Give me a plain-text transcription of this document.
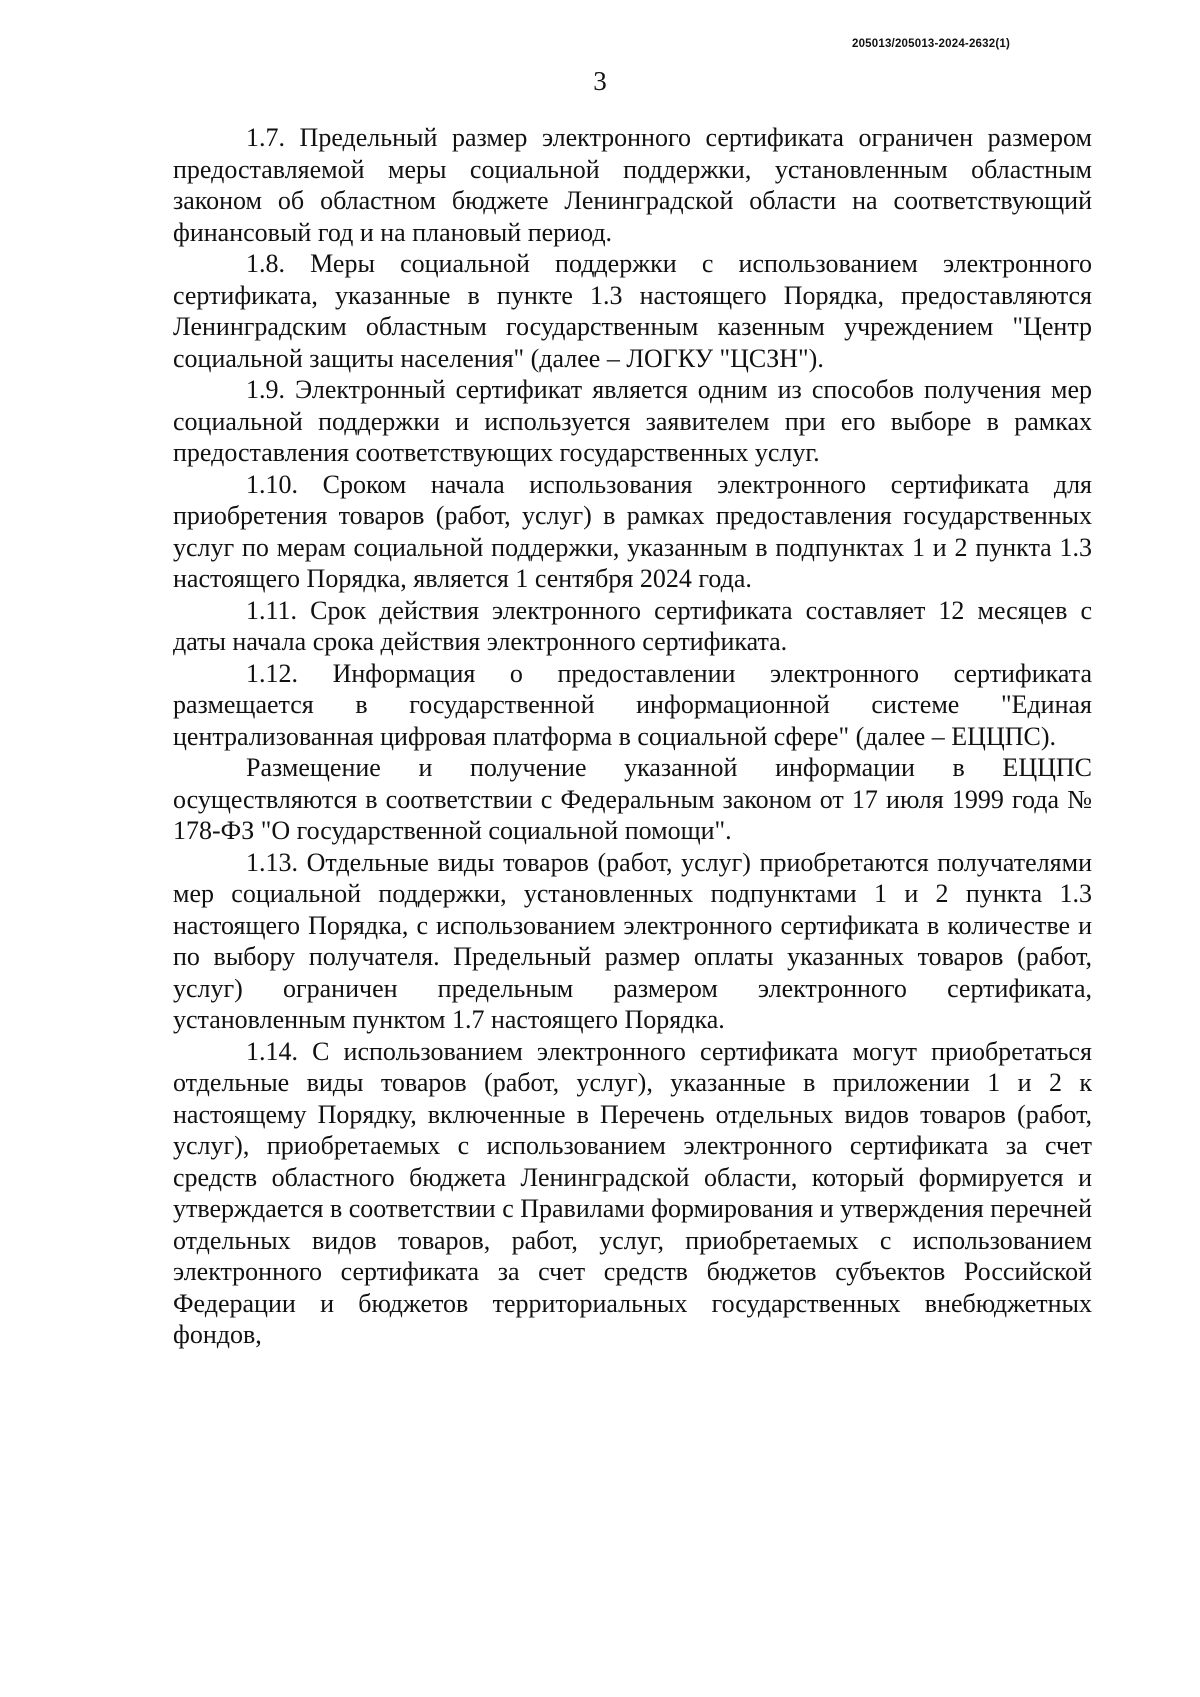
205013/205013-2024-2632(1)
3

1.7. Предельный размер электронного сертификата ограничен размером предоставляемой меры социальной поддержки, установленным областным законом об областном бюджете Ленинградской области на соответствующий финансовый год и на плановый период.

1.8. Меры социальной поддержки с использованием электронного сертификата, указанные в пункте 1.3 настоящего Порядка, предоставляются Ленинградским областным государственным казенным учреждением "Центр социальной защиты населения" (далее – ЛОГКУ "ЦСЗН").

1.9. Электронный сертификат является одним из способов получения мер социальной поддержки и используется заявителем при его выборе в рамках предоставления соответствующих государственных услуг.

1.10. Сроком начала использования электронного сертификата для приобретения товаров (работ, услуг) в рамках предоставления государственных услуг по мерам социальной поддержки, указанным в подпунктах 1 и 2 пункта 1.3 настоящего Порядка, является 1 сентября 2024 года.

1.11. Срок действия электронного сертификата составляет 12 месяцев с даты начала срока действия электронного сертификата.

1.12. Информация о предоставлении электронного сертификата размещается в государственной информационной системе "Единая централизованная цифровая платформа в социальной сфере" (далее – ЕЦЦПС).

Размещение и получение указанной информации в ЕЦЦПС осуществляются в соответствии с Федеральным законом от 17 июля 1999 года № 178-ФЗ "О государственной социальной помощи".

1.13. Отдельные виды товаров (работ, услуг) приобретаются получателями мер социальной поддержки, установленных подпунктами 1 и 2 пункта 1.3 настоящего Порядка, с использованием электронного сертификата в количестве и по выбору получателя. Предельный размер оплаты указанных товаров (работ, услуг) ограничен предельным размером электронного сертификата, установленным пунктом 1.7 настоящего Порядка.

1.14. С использованием электронного сертификата могут приобретаться отдельные виды товаров (работ, услуг), указанные в приложении 1 и 2 к настоящему Порядку, включенные в Перечень отдельных видов товаров (работ, услуг), приобретаемых с использованием электронного сертификата за счет средств областного бюджета Ленинградской области, который формируется и утверждается в соответствии с Правилами формирования и утверждения перечней отдельных видов товаров, работ, услуг, приобретаемых с использованием электронного сертификата за счет средств бюджетов субъектов Российской Федерации и бюджетов территориальных государственных внебюджетных фондов,
